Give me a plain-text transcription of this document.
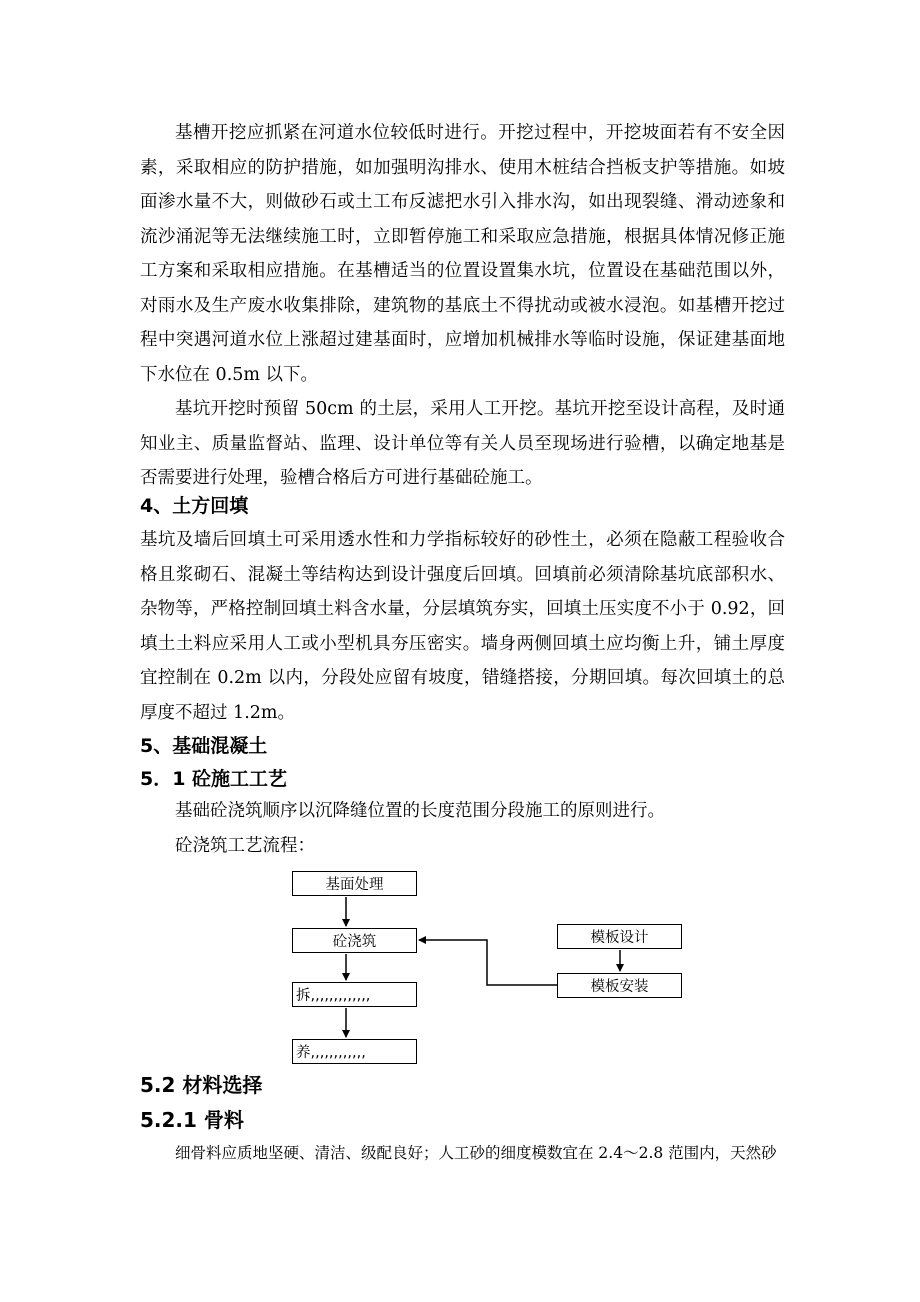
基槽开挖应抓紧在河道水位较低时进行。开挖过程中，开挖坡面若有不安全因素，采取相应的防护措施，如加强明沟排水、使用木桩结合挡板支护等措施。如坡面渗水量不大，则做砂石或土工布反滤把水引入排水沟，如出现裂缝、滑动迹象和流沙涌泥等无法继续施工时，立即暂停施工和采取应急措施，根据具体情况修正施工方案和采取相应措施。在基槽适当的位置设置集水坑，位置设在基础范围以外，对雨水及生产废水收集排除，建筑物的基底土不得扰动或被水浸泡。如基槽开挖过程中突遇河道水位上涨超过建基面时，应增加机械排水等临时设施，保证建基面地下水位在 0.5m 以下。

基坑开挖时预留 50cm 的土层，采用人工开挖。基坑开挖至设计高程，及时通知业主、质量监督站、监理、设计单位等有关人员至现场进行验槽，以确定地基是否需要进行处理，验槽合格后方可进行基础砼施工。

4、土方回填

基坑及墙后回填土可采用透水性和力学指标较好的砂性土，必须在隐蔽工程验收合格且浆砌石、混凝土等结构达到设计强度后回填。回填前必须清除基坑底部积水、杂物等，严格控制回填土料含水量，分层填筑夯实，回填土压实度不小于 0.92，回填土土料应采用人工或小型机具夯压密实。墙身两侧回填土应均衡上升，铺土厚度宜控制在 0.2m 以内，分段处应留有坡度，错缝搭接，分期回填。每次回填土的总厚度不超过 1.2m。

5、基础混凝土
5．1 砼施工工艺

基础砼浇筑顺序以沉降缝位置的长度范围分段施工的原则进行。

砼浇筑工艺流程：

基面处理
砼浇筑
拆,,,,,,,,,,,,,
养,,,,,,,,,,,,
模板设计
模板安装
5.2 材料选择
5.2.1 骨料

细骨料应质地坚硬、清洁、级配良好；人工砂的细度模数宜在 2.4～2.8 范围内，天然砂
